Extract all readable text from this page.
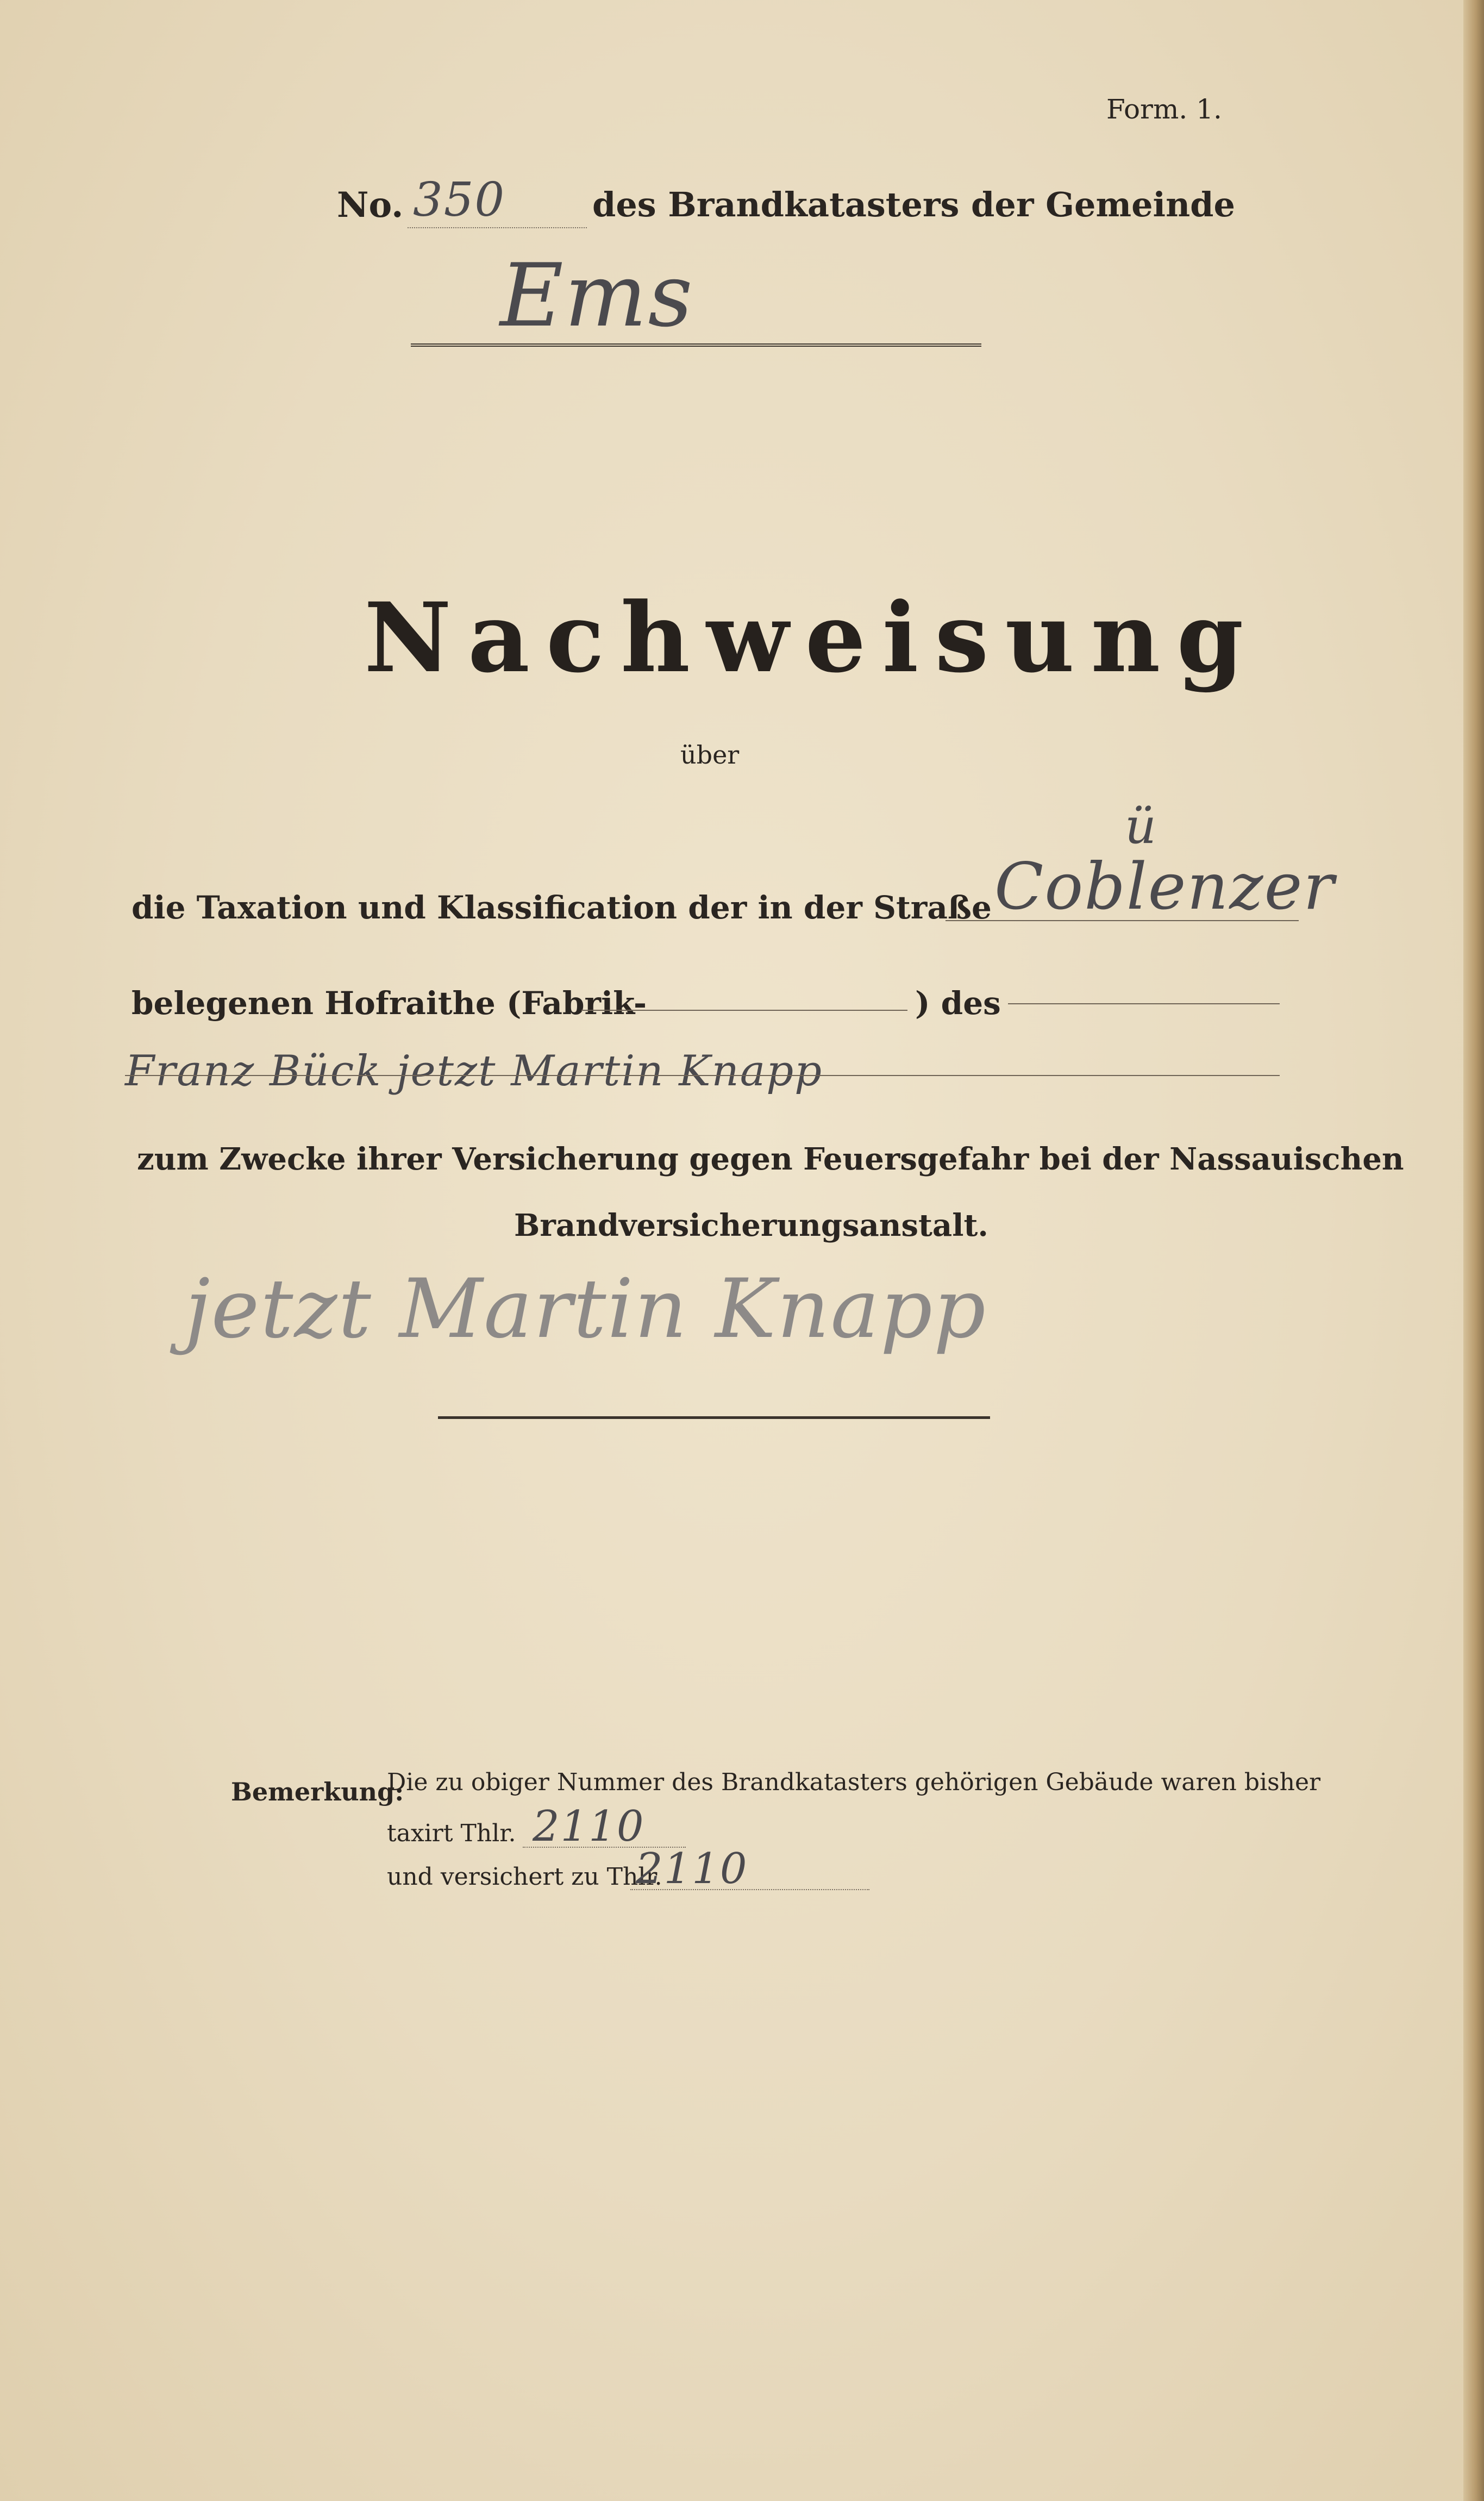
Form. 1.
No. 350	des Brandkatasters der Gemeinde
Ems
Nachweisung
über
die Taxation und Klassification der in der Straße
ü
Coblenzer
belegenen Hofraithe (Fabrik-	) des
Franz Bück jetzt Martin Knapp
zum Zwecke ihrer Versicherung gegen Feuersgefahr bei der Nassauischen
Brandversicherungsanstalt.
jetzt Martin Knapp
Bemerkung:
Die zu obiger Nummer des Brandkatasters gehörigen Gebäude waren bisher
taxirt Thlr. 2110
und versichert zu Thlr.
2110
